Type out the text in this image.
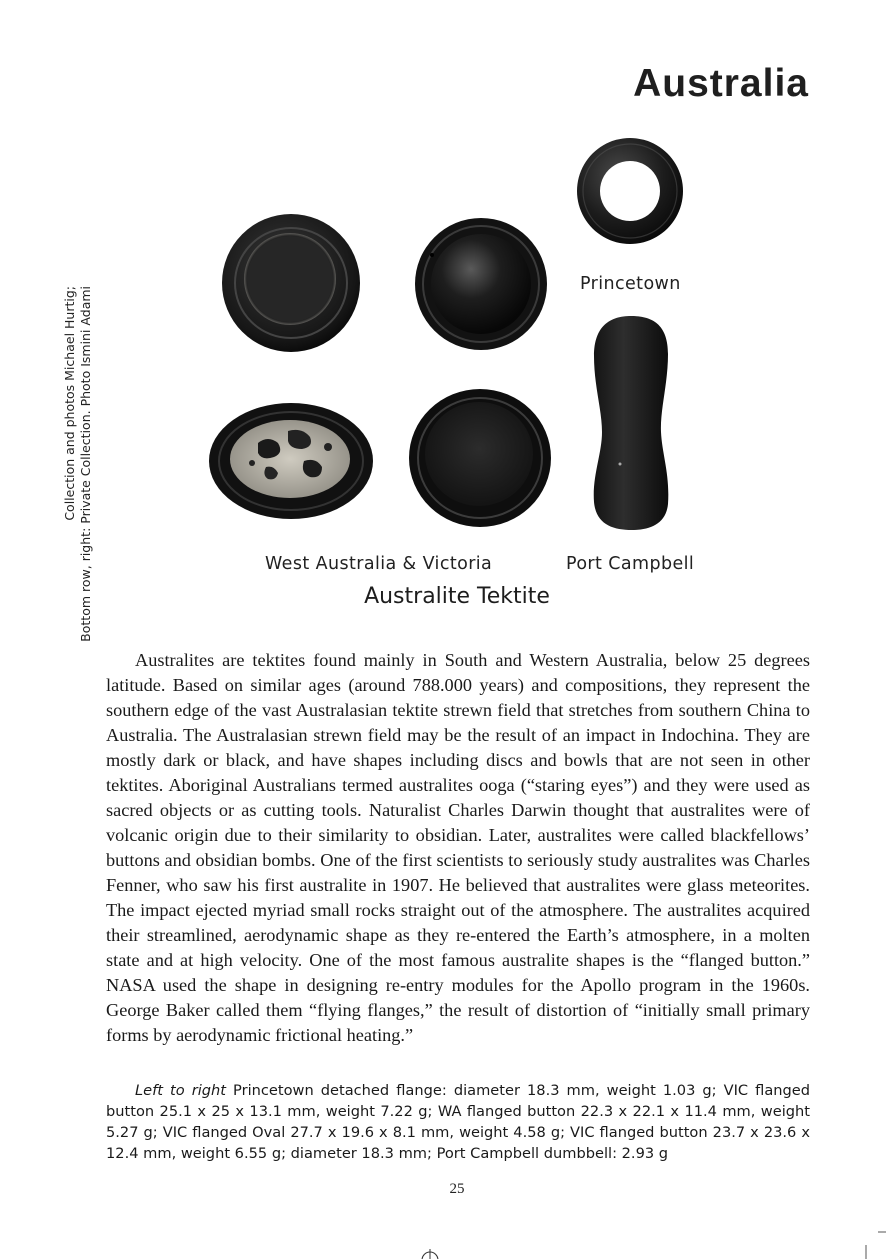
Australia
Collection and photos Michael Hurtig; Bottom row, right: Private Collection. Photo Ismini Adami
Princetown
West Australia & Victoria	Port Campbell
Australite Tektite
Australites are tektites found mainly in South and Western Australia, below 25 degrees latitude. Based on similar ages (around 788.000 years) and compositions, they represent the southern edge of the vast Australasian tektite strewn field that stretches from southern China to Australia. The Australasian strewn field may be the result of an impact in Indochina. They are mostly dark or black, and have shapes including discs and bowls that are not seen in other tektites. Aboriginal Australians termed australites ooga (“staring eyes”) and they were used as sacred objects or as cutting tools. Naturalist Charles Darwin thought that australites were of volcanic origin due to their similarity to obsidian. Later, australites were called blackfellows’ buttons and obsidian bombs. One of the first scientists to seriously study australites was Charles Fenner, who saw his first australite in 1907. He believed that australites were glass meteorites. The impact ejected myriad small rocks straight out of the atmosphere. The australites acquired their streamlined, aerodynamic shape as they re-entered the Earth’s atmosphere, in a molten state and at high velocity. One of the most famous australite shapes is the “flanged button.” NASA used the shape in designing re-entry modules for the Apollo program in the 1960s. George Baker called them “flying flanges,” the result of distortion of “initially small primary forms by aerodynamic frictional heating.”
Left to right Princetown detached flange: diameter 18.3 mm, weight 1.03 g; VIC flanged button 25.1 x 25 x 13.1 mm, weight 7.22 g; WA flanged button 22.3 x 22.1 x 11.4 mm, weight 5.27 g; VIC flanged Oval 27.7 x 19.6 x 8.1 mm, weight 4.58 g; VIC flanged button 23.7 x 23.6 x 12.4 mm, weight 6.55 g; diameter 18.3 mm; Port Campbell dumbbell: 2.93 g
25
